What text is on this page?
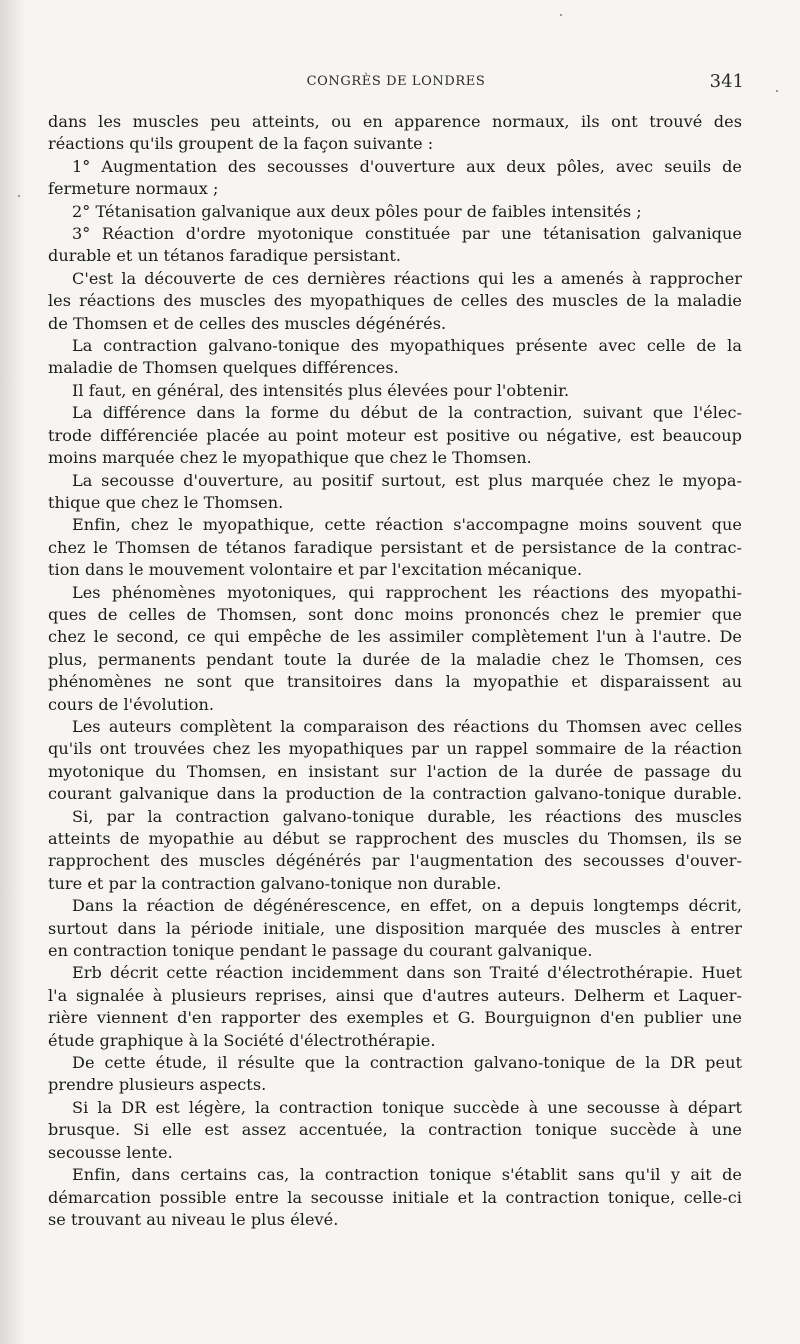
CONGRÈS DE LONDRES	341
dans les muscles peu atteints, ou en apparence normaux, ils ont trouvé des
réactions qu'ils groupent de la façon suivante :
1° Augmentation des secousses d'ouverture aux deux pôles, avec seuils de
fermeture normaux ;
2° Tétanisation galvanique aux deux pôles pour de faibles intensités ;
3° Réaction d'ordre myotonique constituée par une tétanisation galvanique
durable et un tétanos faradique persistant.
C'est la découverte de ces dernières réactions qui les a amenés à rapprocher
les réactions des muscles des myopathiques de celles des muscles de la maladie
de Thomsen et de celles des muscles dégénérés.
La contraction galvano-tonique des myopathiques présente avec celle de la
maladie de Thomsen quelques différences.
Il faut, en général, des intensités plus élevées pour l'obtenir.
La différence dans la forme du début de la contraction, suivant que l'élec-
trode différenciée placée au point moteur est positive ou négative, est beaucoup
moins marquée chez le myopathique que chez le Thomsen.
La secousse d'ouverture, au positif surtout, est plus marquée chez le myopa-
thique que chez le Thomsen.
Enfin, chez le myopathique, cette réaction s'accompagne moins souvent que
chez le Thomsen de tétanos faradique persistant et de persistance de la contrac-
tion dans le mouvement volontaire et par l'excitation mécanique.
Les phénomènes myotoniques, qui rapprochent les réactions des myopathi-
ques de celles de Thomsen, sont donc moins prononcés chez le premier que
chez le second, ce qui empêche de les assimiler complètement l'un à l'autre. De
plus, permanents pendant toute la durée de la maladie chez le Thomsen, ces
phénomènes ne sont que transitoires dans la myopathie et disparaissent au
cours de l'évolution.
Les auteurs complètent la comparaison des réactions du Thomsen avec celles
qu'ils ont trouvées chez les myopathiques par un rappel sommaire de la réaction
myotonique du Thomsen, en insistant sur l'action de la durée de passage du
courant galvanique dans la production de la contraction galvano-tonique durable.
Si, par la contraction galvano-tonique durable, les réactions des muscles
atteints de myopathie au début se rapprochent des muscles du Thomsen, ils se
rapprochent des muscles dégénérés par l'augmentation des secousses d'ouver-
ture et par la contraction galvano-tonique non durable.
Dans la réaction de dégénérescence, en effet, on a depuis longtemps décrit,
surtout dans la période initiale, une disposition marquée des muscles à entrer
en contraction tonique pendant le passage du courant galvanique.
Erb décrit cette réaction incidemment dans son Traité d'électrothérapie. Huet
l'a signalée à plusieurs reprises, ainsi que d'autres auteurs. Delherm et Laquer-
rière viennent d'en rapporter des exemples et G. Bourguignon d'en publier une
étude graphique à la Société d'électrothérapie.
De cette étude, il résulte que la contraction galvano-tonique de la DR peut
prendre plusieurs aspects.
Si la DR est légère, la contraction tonique succède à une secousse à départ
brusque. Si elle est assez accentuée, la contraction tonique succède à une
secousse lente.
Enfin, dans certains cas, la contraction tonique s'établit sans qu'il y ait de
démarcation possible entre la secousse initiale et la contraction tonique, celle-ci
se trouvant au niveau le plus élevé.
